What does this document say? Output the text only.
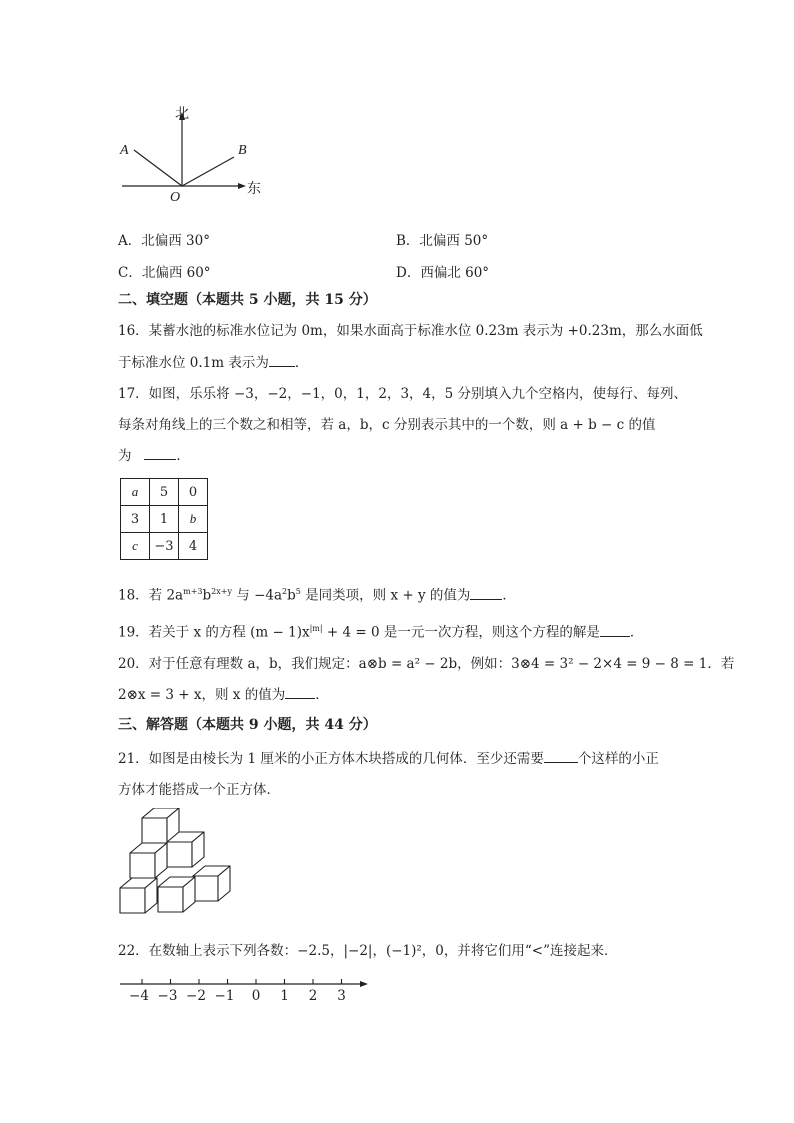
北
东
A	B
O
A．北偏西 30°	B．北偏西 50°
C．北偏西 60°	D．西偏北 60°
二、填空题（本题共 5 小题，共 15 分）
16．某蓄水池的标准水位记为 0m，如果水面高于标准水位 0.23m 表示为 +0.23m，那么水面低
于标准水位 0.1m 表示为 ．
17．如图，乐乐将 −3，−2，−1，0，1，2，3，4，5 分别填入九个空格内，使每行、每列、
每条对角线上的三个数之和相等，若 a，b，c 分别表示其中的一个数，则 a + b − c 的值
为	．
a	5	0
3	1	b
c	−3	4
18．若 $2a^{m+3}b^{2x+y}$ 与 $-4a^2b^5$ 是同类项，则 x + y 的值为 ．
19．若关于 x 的方程 $(m - 1)x^{|m|} + 4 = 0$ 是一元一次方程，则这个方程的解是 ．
20．对于任意有理数 a，b，我们规定：a⊗b = a² − 2b，例如：3⊗4 = 3² − 2×4 = 9 − 8 = 1．若
2⊗x = 3 + x，则 x 的值为 ．
三、解答题（本题共 9 小题，共 44 分）
21．如图是由棱长为 1 厘米的小正方体木块搭成的几何体．至少还需要	个这样的小正
方体才能搭成一个正方体．
22．在数轴上表示下列各数：−2.5，|−2|，(−1)²，0，并将它们用“<”连接起来．
−4 −3 −2 −1	0	1	2	3
